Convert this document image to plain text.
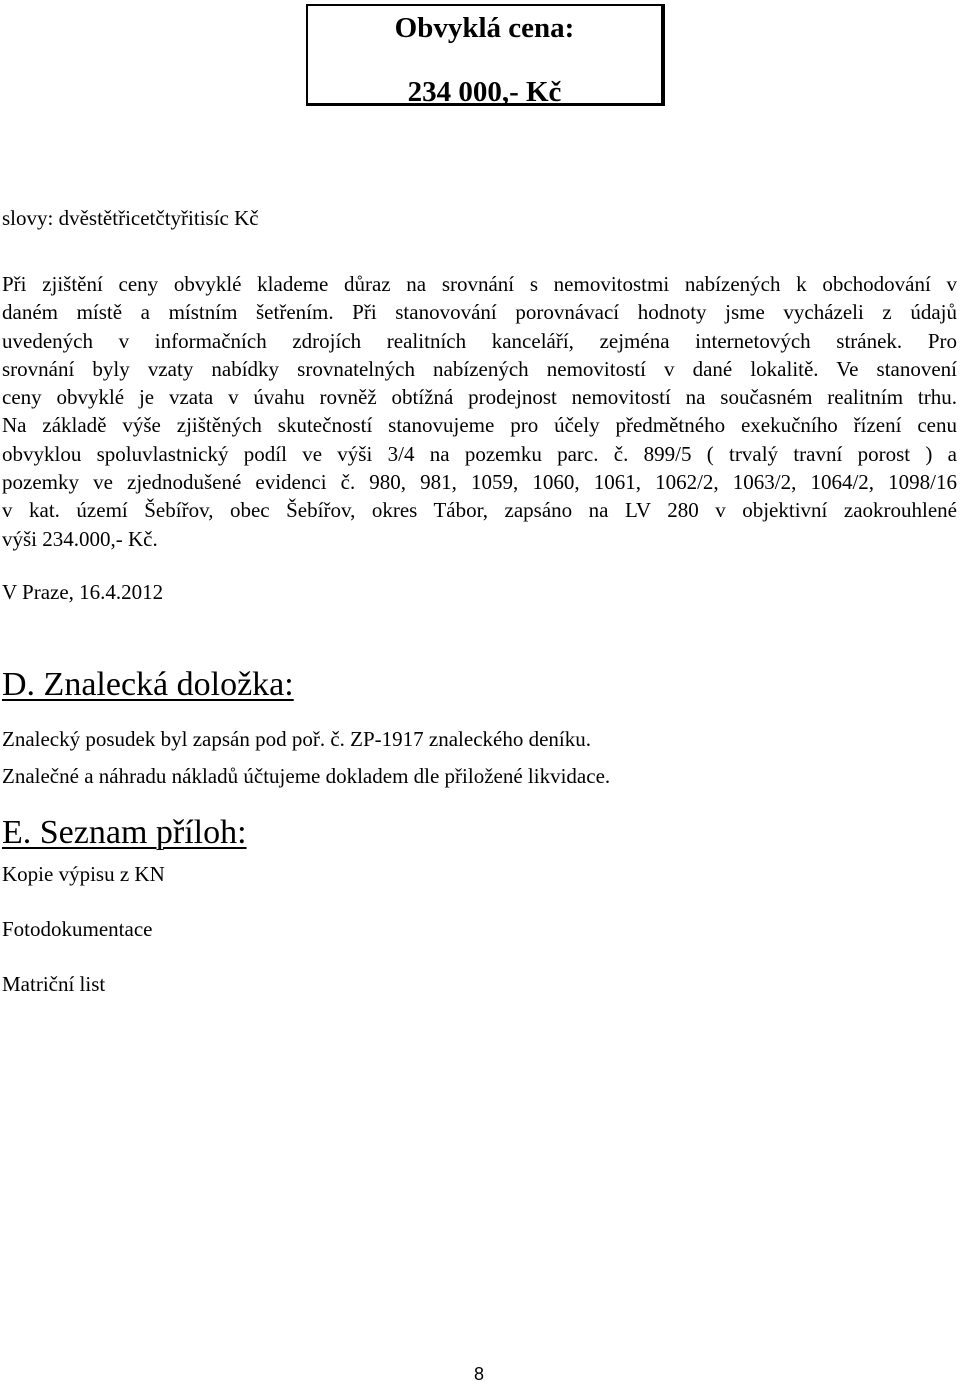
Obvyklá cena:
234 000,- Kč
slovy: dvěstětřicetčtyřitisíc Kč
Při zjištění ceny obvyklé klademe důraz na srovnání s nemovitostmi nabízených k obchodování v
daném místě a místním šetřením. Při stanovování porovnávací hodnoty jsme vycházeli z údajů
uvedených v informačních zdrojích realitních kanceláří, zejména internetových stránek. Pro
srovnání byly vzaty nabídky srovnatelných nabízených nemovitostí v dané lokalitě. Ve stanovení
ceny obvyklé je vzata v úvahu rovněž obtížná prodejnost nemovitostí na současném realitním trhu.
Na základě výše zjištěných skutečností stanovujeme pro účely předmětného exekučního řízení cenu
obvyklou spoluvlastnický podíl ve výši 3/4 na pozemku parc. č. 899/5 ( trvalý travní porost ) a
pozemky ve zjednodušené evidenci č. 980, 981, 1059, 1060, 1061, 1062/2, 1063/2, 1064/2, 1098/16
v kat. území Šebířov, obec Šebířov, okres Tábor, zapsáno na LV 280 v objektivní zaokrouhlené
výši 234.000,- Kč.
V Praze, 16.4.2012
D. Znalecká doložka:
Znalecký posudek byl zapsán pod poř. č. ZP-1917 znaleckého deníku.
Znalečné a náhradu nákladů účtujeme dokladem dle přiložené likvidace.
E. Seznam příloh:
Kopie výpisu z KN
Fotodokumentace
Matriční list
8
